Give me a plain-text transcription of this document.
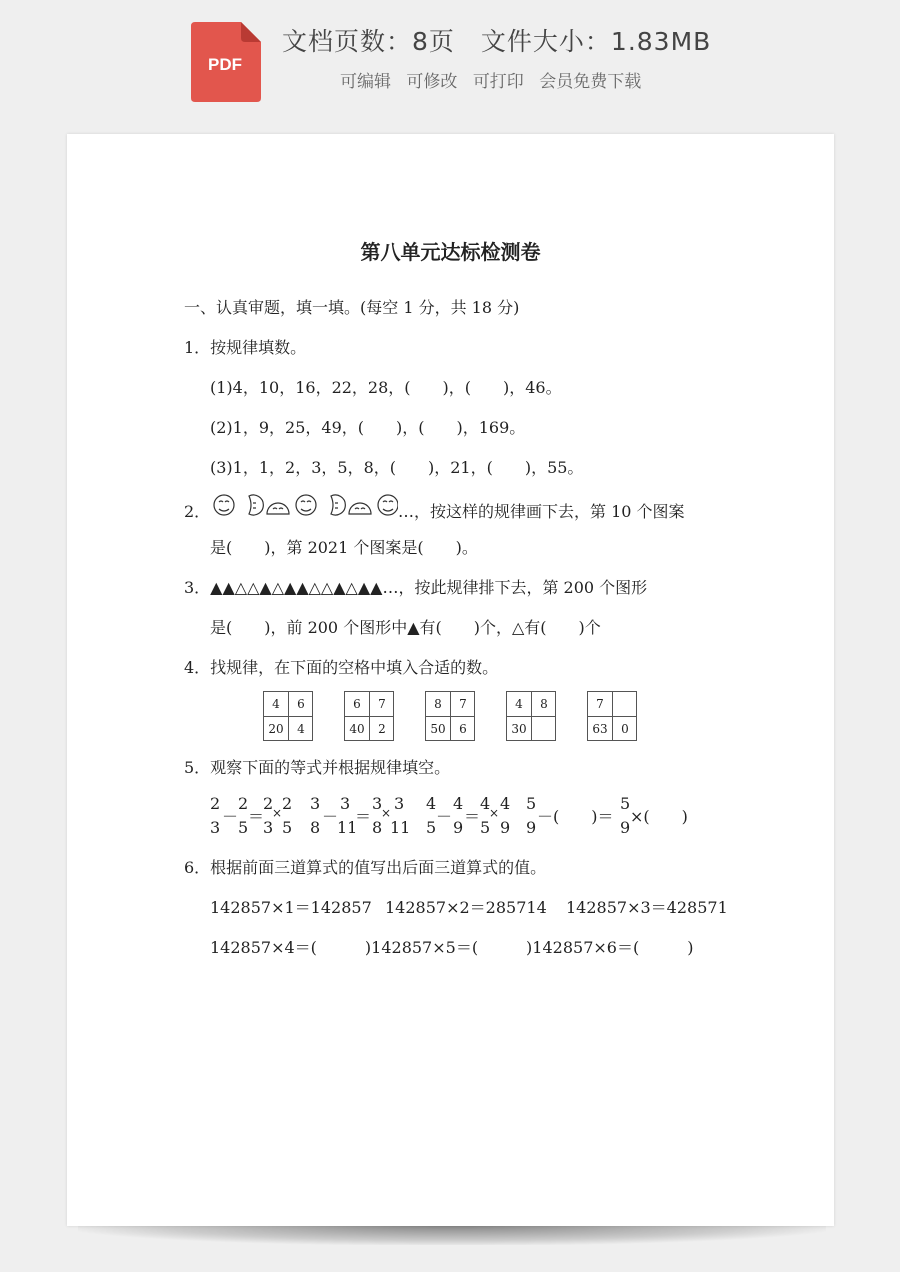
PDF
文档页数：8页　文件大小：1.83MB
可编辑 可修改 可打印 会员免费下载
第八单元达标检测卷
一、认真审题，填一填。(每空 1 分，共 18 分)
1．按规律填数。
(1)4，10，16，22，28，(　　)，(　　)，46。
(2)1，9，25，49，(　　)，(　　)，169。
(3)1，1，2，3，5，8，(　　)，21，(　　)，55。
2．	…，按这样的规律画下去，第 10 个图案
是(　　)，第 2021 个图案是(　　)。
3．▲▲△△▲△▲▲△△▲△▲▲…，按此规律排下去，第 200 个图形
是(　　)，前 200 个图形中▲有(　　)个，△有(　　)个
4．找规律，在下面的空格中填入合适的数。
4	6
20	4
6	7
40	2
8	7
50	6
4	8
30
7
63	0
5．观察下面的等式并根据规律填空。
2
3
－
2
5
＝
2
3
× 2
5
3
8
－
3
11
＝
3
8
× 3
11
4
5
－
4
9
＝
4
5
× 4
9
5
9
－(　　)＝
5
9
×(　　)
6．根据前面三道算式的值写出后面三道算式的值。
142857×1＝142857 142857×2＝285714 142857×3＝428571
142857×4＝(　　　)142857×5＝(　　　)142857×6＝(　　　)
